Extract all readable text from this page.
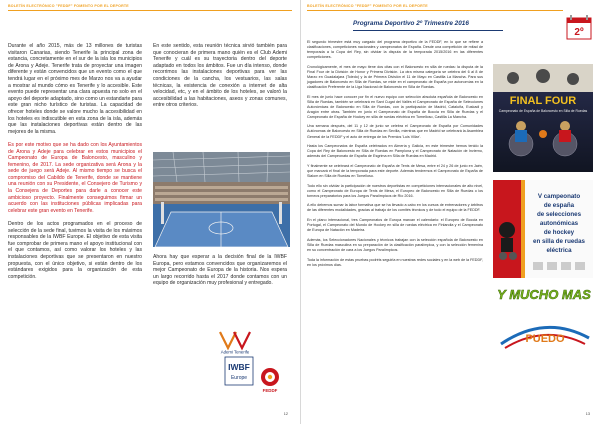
BOLETÍN ELECTRÓNICO "FEDDF" FOMENTO POR EL DEPORTE

Durante el año 2015, más de 13 millones de turistas visitaron Canarias, siendo Tenerife la principal zona de estancia, concretamente en el sur de la isla los municipios de Arona y Adeje. Tenerife trata de proyectar una imagen diferente y están convencidos que un evento como el que tendrá lugar en el próximo mes de Marzo nos va a ayudar a mostrar al mundo cómo es Tenerife y lo accesible. Este evento puede representar una clara apuesta no solo en el apoyo del deporte adaptado, sino como un estandarte para este gran nicho turístico de turistas. La capacidad de ofrecer hoteles donde se valore mucho la accesibilidad en los hoteles es indiscutible en esta zona de la isla, además que las instalaciones deportivas están dentro de las mejores de la misma.

Es por este motivo que se ha dado con los Ayuntamientos de Arona y Adeje para celebrar en estos municipios el Campeonato de Europa de Baloncesto, masculino y femenino, de 2017. La sede organizativa será Arona y la sede de juego será Adeje. Al mismo tiempo se busca el compromiso del Cabildo de Tenerife, donde se mantiene una reunión con su Presidente, el Consejero de Turismo y la Consejera de Deportes para darle a conocer este ambicioso proyecto. Finalmente conseguimos firmar un acuerdo con las instituciones públicas implicadas para celebrar este gran evento en Tenerife.

Dentro de los actos programados en el proceso de selección de la sede final, tuvimos la visita de los máximos responsables de la IWBF Europe. El objetivo de esta visita fue comprobar de primera mano el apoyo institucional con el que contamos, así como valorar los hoteles y las instalaciones deportivas que se presentaron en nuestro propuesta, con el único objetivo, si están dentro de los estándares exigidos para la organización de esta competición.

En este sentido, esta reunión técnica sirvió también para que conocieran de primera mano quién es el Club Ademi Tenerife y cuál es su trayectoria dentro del deporte adaptado en todos los ámbitos. Fue un día intenso, donde recorrimos las instalaciones deportivas para ver las condiciones de la cancha, los vestuarios, las salas técnicas, la existencia de conexión a internet de alta velocidad, etc, y en el ámbito de los hoteles, se valoró la accesibilidad a las habitaciones, aseos y zonas comunes, entre otros criterios.
Ahora hay que esperar a la decisión final de la IWBF Europa, pero estamos convencidos que organizaremos el mejor Campeonato de Europa de la historia. Nos espera un largo recorrido hasta el 2017 donde contamos con un equipo de organización muy profesional y entregado.
Ademi Tenerife
IWBF
Europe
FEDDF
12
BOLETÍN ELECTRÓNICO "FEDDF" FOMENTO POR EL DEPORTE
2º
Programa Deportivo 2º Trimestre 2016

El segundo trimestre está muy cargado del programa deportivo de la FEDDF, en lo que se refiere a clasificaciones, competiciones nacionales y campeonatos de España. Desde una competición de mitad de temporada a la Copa del Rey, sin olvidar la disputa de la temporada 2015/2016 en las diferentes competiciones.

Cronológicamente, el mes de mayo tiene dos citas con el Baloncesto en silla de ruedas: la disputa de la Final Four de la División de Honor y Primera División. La otra misma categoría se celebra del 6 al 8 de Marzo en Guadalajara (Toledo) y la de Primera División el 11 de Mayo en Castilla La Mancha. Para sus jugadores de Baloncesto en Silla de Ruedas, se mide en el campeonato de España por autonomías en la clasificación Preferente de la Liga Nacional de Baloncesto en Silla de Ruedas.

El mes de junio hace conocer por fin el nuevo equipo con selección absoluta española de Baloncesto en Silla de Ruedas, también se celebrará en Sant Cugat del Vallés el Campeonato de España de Selecciones Autonómicas de Baloncesto en Silla de Ruedas, con la participación de Madrid, Cataluña, Euskadi y Aragón entre otras. También en junio el Campeonato de España de Boccia en Silla de Ruedas y el Campeonato de España de Hockey en silla de ruedas eléctrica en Tomelloso, Castilla La Mancha.

Una semana después, del 11 y 12 de junio se celebra el Campeonato de España por Comunidades Autónomas de Baloncesto en Silla de Ruedas en Sevilla, mientras que en Madrid se celebrará la Asamblea General de la FEDDF y el acto de entrega de los Premios 'Luis Villar'.

Hasta los Campeonatos de España celebrados en Almería y Galicia, en este trimestre hemos tenido la Copa del Rey de Baloncesto en Silla de Ruedas en Pamplona y el Campeonato de Natación de Invierno, además del Campeonato de España de Esgrima en Silla de Ruedas en Madrid.

Y finalmente se celebrará el Campeonato de España de Tenis de Mesa, entre el 24 y 26 de junio en Jaén, que marcará el final de la temporada para este deporte. Además tendremos el Campeonato de España de Slalom en Silla de Ruedas en Tomelloso.

Todo ello sin olvidar la participación de nuestros deportistas en competiciones internacionales de alto nivel, como el Campeonato de Europa de Tenis de Mesa, el Europeo de Baloncesto en Silla de Ruedas o los torneos preparatorios para los Juegos Paralímpicos de Río 2016.

A ello debemos sumar la labor formativa que se ha llevado a cabo en los cursos de entrenadores y árbitros de las diferentes modalidades, gracias al trabajo de los comités técnicos y de todo el equipo de la FEDDF.

En el plano internacional, tres Campeonatos de Europa marcan el calendario: el Europeo de Boccia en Portugal, el Campeonato del Mundo de Hockey en silla de ruedas eléctrica en Finlandia y el Campeonato de Europa de Natación en Madeira.

Además, los Seleccionadores Nacionales y técnicos trabajan con la selección española de Baloncesto en Silla de Ruedas masculina en su preparación de la clasificación paralímpica, y con la selección femenina en su concentración de cara a los Juegos Paralímpicos.

Toda la información de estas pruebas podréis seguirla en nuestras redes sociales y en la web de la FEDDF, en los próximos días.

FINAL FOUR
Campeonato de España de Baloncesto en Silla de Ruedas
V campeonato
de españa
de selecciones
autonómicas
de hockey
en silla de ruedas
eléctrica
Y MUCHO MAS
PUEDO
13
